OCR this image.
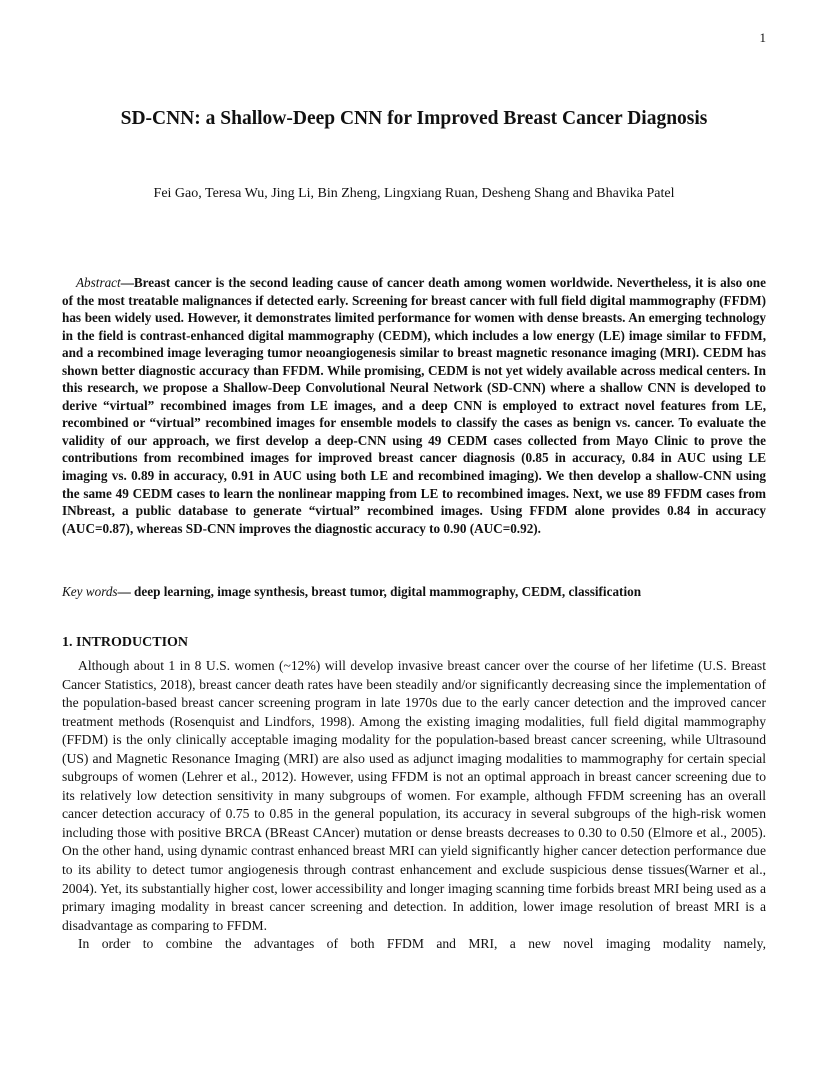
1
SD-CNN: a Shallow-Deep CNN for Improved Breast Cancer Diagnosis
Fei Gao, Teresa Wu, Jing Li, Bin Zheng, Lingxiang Ruan, Desheng Shang and Bhavika Patel
Abstract—Breast cancer is the second leading cause of cancer death among women worldwide. Nevertheless, it is also one of the most treatable malignances if detected early. Screening for breast cancer with full field digital mammography (FFDM) has been widely used. However, it demonstrates limited performance for women with dense breasts. An emerging technology in the field is contrast-enhanced digital mammography (CEDM), which includes a low energy (LE) image similar to FFDM, and a recombined image leveraging tumor neoangiogenesis similar to breast magnetic resonance imaging (MRI). CEDM has shown better diagnostic accuracy than FFDM. While promising, CEDM is not yet widely available across medical centers. In this research, we propose a Shallow-Deep Convolutional Neural Network (SD-CNN) where a shallow CNN is developed to derive “virtual” recombined images from LE images, and a deep CNN is employed to extract novel features from LE, recombined or “virtual” recombined images for ensemble models to classify the cases as benign vs. cancer. To evaluate the validity of our approach, we first develop a deep-CNN using 49 CEDM cases collected from Mayo Clinic to prove the contributions from recombined images for improved breast cancer diagnosis (0.85 in accuracy, 0.84 in AUC using LE imaging vs. 0.89 in accuracy, 0.91 in AUC using both LE and recombined imaging). We then develop a shallow-CNN using the same 49 CEDM cases to learn the nonlinear mapping from LE to recombined images. Next, we use 89 FFDM cases from INbreast, a public database to generate “virtual” recombined images. Using FFDM alone provides 0.84 in accuracy (AUC=0.87), whereas SD-CNN improves the diagnostic accuracy to 0.90 (AUC=0.92).
Key words— deep learning, image synthesis, breast tumor, digital mammography, CEDM, classification
1. INTRODUCTION

Although about 1 in 8 U.S. women (~12%) will develop invasive breast cancer over the course of her lifetime (U.S. Breast Cancer Statistics, 2018), breast cancer death rates have been steadily and/or significantly decreasing since the implementation of the population-based breast cancer screening program in late 1970s due to the early cancer detection and the improved cancer treatment methods (Rosenquist and Lindfors, 1998). Among the existing imaging modalities, full field digital mammography (FFDM) is the only clinically acceptable imaging modality for the population-based breast cancer screening, while Ultrasound (US) and Magnetic Resonance Imaging (MRI) are also used as adjunct imaging modalities to mammography for certain special subgroups of women (Lehrer et al., 2012). However, using FFDM is not an optimal approach in breast cancer screening due to its relatively low detection sensitivity in many subgroups of women. For example, although FFDM screening has an overall cancer detection accuracy of 0.75 to 0.85 in the general population, its accuracy in several subgroups of the high-risk women including those with positive BRCA (BReast CAncer) mutation or dense breasts decreases to 0.30 to 0.50 (Elmore et al., 2005). On the other hand, using dynamic contrast enhanced breast MRI can yield significantly higher cancer detection performance due to its ability to detect tumor angiogenesis through contrast enhancement and exclude suspicious dense tissues(Warner et al., 2004). Yet, its substantially higher cost, lower accessibility and longer imaging scanning time forbids breast MRI being used as a primary imaging modality in breast cancer screening and detection. In addition, lower image resolution of breast MRI is a disadvantage as comparing to FFDM.

In order to combine the advantages of both FFDM and MRI, a new novel imaging modality namely,
